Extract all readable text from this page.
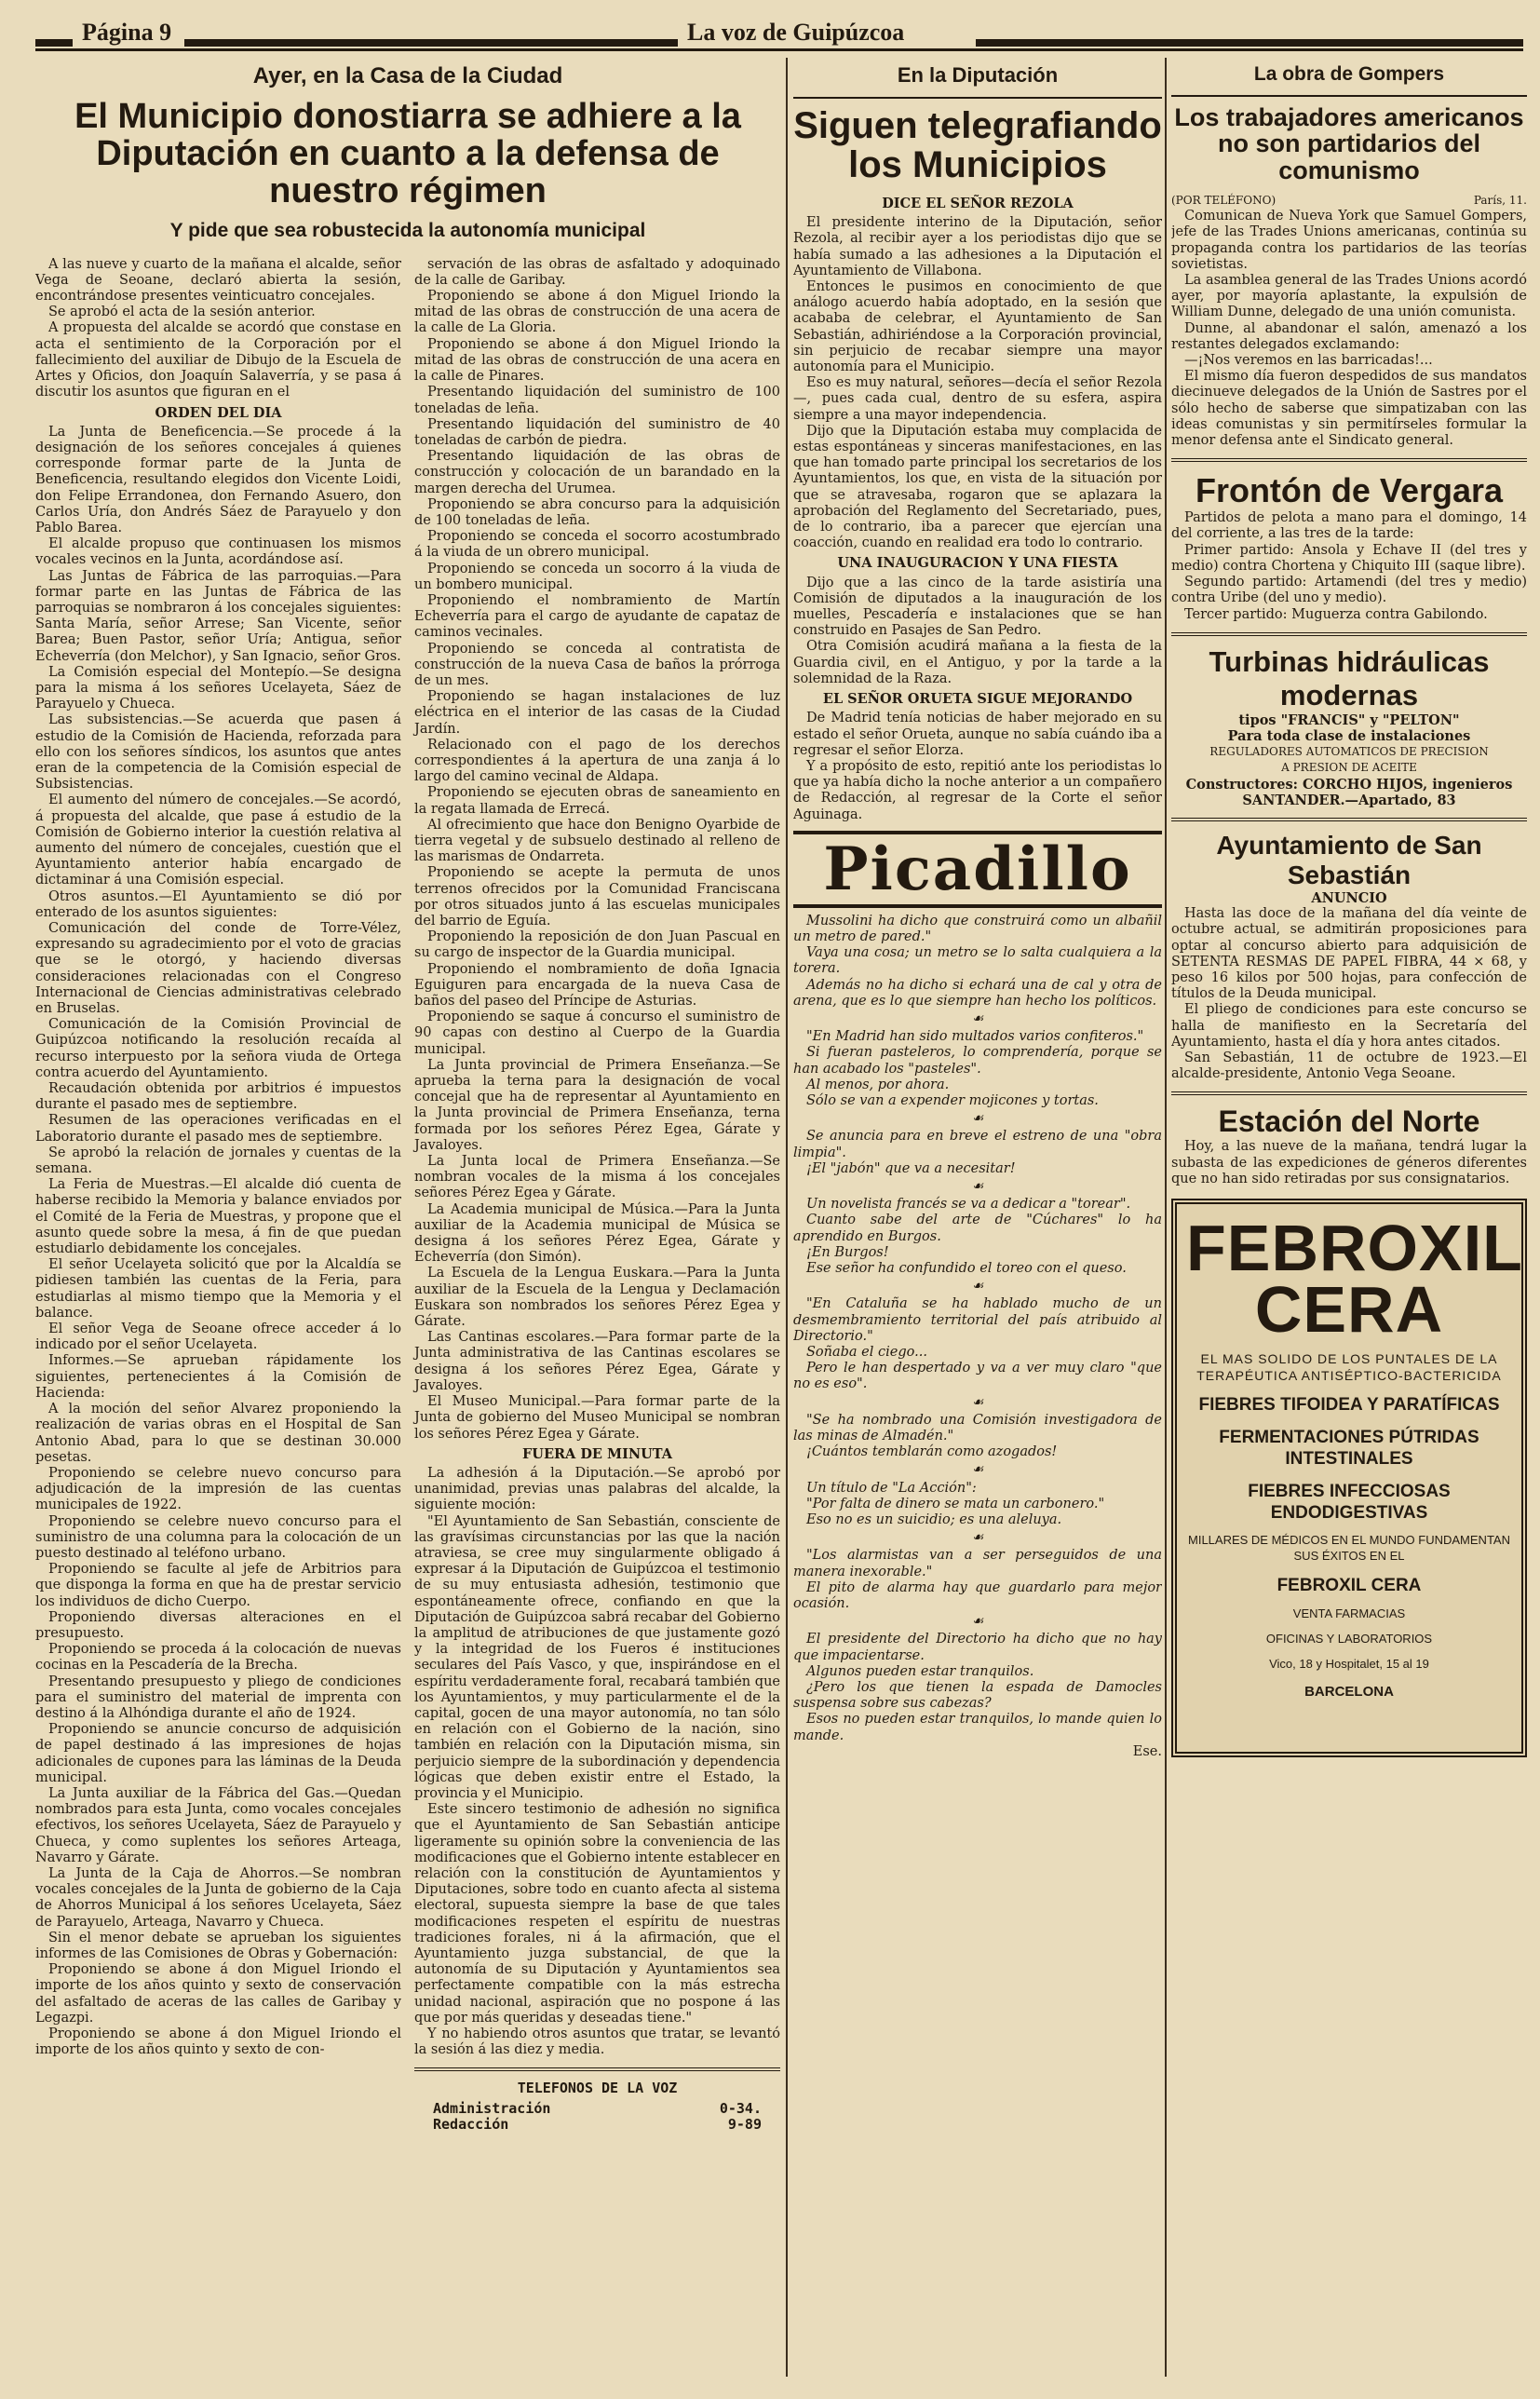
Página 9	La voz de Guipúzcoa
Ayer, en la Casa de la Ciudad
El Municipio donostiarra se adhiere a la Diputación en cuanto a la defensa de nuestro régimen
Y pide que sea robustecida la autonomía municipal

A las nueve y cuarto de la mañana el alcalde, señor Vega de Seoane, declaró abierta la sesión, encontrándose presentes veinticuatro concejales.

Se aprobó el acta de la sesión anterior.

A propuesta del alcalde se acordó que constase en acta el sentimiento de la Corporación por el fallecimiento del auxiliar de Dibujo de la Escuela de Artes y Oficios, don Joaquín Salaverría, y se pasa á discutir los asuntos que figuran en el

ORDEN DEL DIA

La Junta de Beneficencia.—Se procede á la designación de los señores concejales á quienes corresponde formar parte de la Junta de Beneficencia, resultando elegidos don Vicente Loidi, don Felipe Errandonea, don Fernando Asuero, don Carlos Uría, don Andrés Sáez de Parayuelo y don Pablo Barea.

El alcalde propuso que continuasen los mismos vocales vecinos en la Junta, acordándose así.

Las Juntas de Fábrica de las parroquias.—Para formar parte en las Juntas de Fábrica de las parroquias se nombraron á los concejales siguientes: Santa María, señor Arrese; San Vicente, señor Barea; Buen Pastor, señor Uría; Antigua, señor Echeverría (don Melchor), y San Ignacio, señor Gros.

La Comisión especial del Montepío.—Se designa para la misma á los señores Ucelayeta, Sáez de Parayuelo y Chueca.

Las subsistencias.—Se acuerda que pasen á estudio de la Comisión de Hacienda, reforzada para ello con los señores síndicos, los asuntos que antes eran de la competencia de la Comisión especial de Subsistencias.

El aumento del número de concejales.—Se acordó, á propuesta del alcalde, que pase á estudio de la Comisión de Gobierno interior la cuestión relativa al aumento del número de concejales, cuestión que el Ayuntamiento anterior había encargado de dictaminar á una Comisión especial.

Otros asuntos.—El Ayuntamiento se dió por enterado de los asuntos siguientes:

Comunicación del conde de Torre-Vélez, expresando su agradecimiento por el voto de gracias que se le otorgó, y haciendo diversas consideraciones relacionadas con el Congreso Internacional de Ciencias administrativas celebrado en Bruselas.

Comunicación de la Comisión Provincial de Guipúzcoa notificando la resolución recaída al recurso interpuesto por la señora viuda de Ortega contra acuerdo del Ayuntamiento.

Recaudación obtenida por arbitrios é impuestos durante el pasado mes de septiembre.

Resumen de las operaciones verificadas en el Laboratorio durante el pasado mes de septiembre.

Se aprobó la relación de jornales y cuentas de la semana.

La Feria de Muestras.—El alcalde dió cuenta de haberse recibido la Memoria y balance enviados por el Comité de la Feria de Muestras, y propone que el asunto quede sobre la mesa, á fin de que puedan estudiarlo debidamente los concejales.

El señor Ucelayeta solicitó que por la Alcaldía se pidiesen también las cuentas de la Feria, para estudiarlas al mismo tiempo que la Memoria y el balance.

El señor Vega de Seoane ofrece acceder á lo indicado por el señor Ucelayeta.

Informes.—Se aprueban rápidamente los siguientes, pertenecientes á la Comisión de Hacienda:

A la moción del señor Alvarez proponiendo la realización de varias obras en el Hospital de San Antonio Abad, para lo que se destinan 30.000 pesetas.

Proponiendo se celebre nuevo concurso para adjudicación de la impresión de las cuentas municipales de 1922.

Proponiendo se celebre nuevo concurso para el suministro de una columna para la colocación de un puesto destinado al teléfono urbano.

Proponiendo se faculte al jefe de Arbitrios para que disponga la forma en que ha de prestar servicio los individuos de dicho Cuerpo.

Proponiendo diversas alteraciones en el presupuesto.

Proponiendo se proceda á la colocación de nuevas cocinas en la Pescadería de la Brecha.

Presentando presupuesto y pliego de condiciones para el suministro del material de imprenta con destino á la Alhóndiga durante el año de 1924.

Proponiendo se anuncie concurso de adquisición de papel destinado á las impresiones de hojas adicionales de cupones para las láminas de la Deuda municipal.

La Junta auxiliar de la Fábrica del Gas.—Quedan nombrados para esta Junta, como vocales concejales efectivos, los señores Ucelayeta, Sáez de Parayuelo y Chueca, y como suplentes los señores Arteaga, Navarro y Gárate.

La Junta de la Caja de Ahorros.—Se nombran vocales concejales de la Junta de gobierno de la Caja de Ahorros Municipal á los señores Ucelayeta, Sáez de Parayuelo, Arteaga, Navarro y Chueca.

Sin el menor debate se aprueban los siguientes informes de las Comisiones de Obras y Gobernación:

Proponiendo se abone á don Miguel Iriondo el importe de los años quinto y sexto de conservación del asfaltado de aceras de las calles de Garibay y Legazpi.

Proponiendo se abone á don Miguel Iriondo el importe de los años quinto y sexto de con-

servación de las obras de asfaltado y adoquinado de la calle de Garibay.

Proponiendo se abone á don Miguel Iriondo la mitad de las obras de construcción de una acera de la calle de La Gloria.

Proponiendo se abone á don Miguel Iriondo la mitad de las obras de construcción de una acera en la calle de Pinares.

Presentando liquidación del suministro de 100 toneladas de leña.

Presentando liquidación del suministro de 40 toneladas de carbón de piedra.

Presentando liquidación de las obras de construcción y colocación de un barandado en la margen derecha del Urumea.

Proponiendo se abra concurso para la adquisición de 100 toneladas de leña.

Proponiendo se conceda el socorro acostumbrado á la viuda de un obrero municipal.

Proponiendo se conceda un socorro á la viuda de un bombero municipal.

Proponiendo el nombramiento de Martín Echeverría para el cargo de ayudante de capataz de caminos vecinales.

Proponiendo se conceda al contratista de construcción de la nueva Casa de baños la prórroga de un mes.

Proponiendo se hagan instalaciones de luz eléctrica en el interior de las casas de la Ciudad Jardín.

Relacionado con el pago de los derechos correspondientes á la apertura de una zanja á lo largo del camino vecinal de Aldapa.

Proponiendo se ejecuten obras de saneamiento en la regata llamada de Errecá.

Al ofrecimiento que hace don Benigno Oyarbide de tierra vegetal y de subsuelo destinado al relleno de las marismas de Ondarreta.

Proponiendo se acepte la permuta de unos terrenos ofrecidos por la Comunidad Franciscana por otros situados junto á las escuelas municipales del barrio de Eguía.

Proponiendo la reposición de don Juan Pascual en su cargo de inspector de la Guardia municipal.

Proponiendo el nombramiento de doña Ignacia Eguiguren para encargada de la nueva Casa de baños del paseo del Príncipe de Asturias.

Proponiendo se saque á concurso el suministro de 90 capas con destino al Cuerpo de la Guardia municipal.

La Junta provincial de Primera Enseñanza.—Se aprueba la terna para la designación de vocal concejal que ha de representar al Ayuntamiento en la Junta provincial de Primera Enseñanza, terna formada por los señores Pérez Egea, Gárate y Javaloyes.

La Junta local de Primera Enseñanza.—Se nombran vocales de la misma á los concejales señores Pérez Egea y Gárate.

La Academia municipal de Música.—Para la Junta auxiliar de la Academia municipal de Música se designa á los señores Pérez Egea, Gárate y Echeverría (don Simón).

La Escuela de la Lengua Euskara.—Para la Junta auxiliar de la Escuela de la Lengua y Declamación Euskara son nombrados los señores Pérez Egea y Gárate.

Las Cantinas escolares.—Para formar parte de la Junta administrativa de las Cantinas escolares se designa á los señores Pérez Egea, Gárate y Javaloyes.

El Museo Municipal.—Para formar parte de la Junta de gobierno del Museo Municipal se nombran los señores Pérez Egea y Gárate.

FUERA DE MINUTA

La adhesión á la Diputación.—Se aprobó por unanimidad, previas unas palabras del alcalde, la siguiente moción:

"El Ayuntamiento de San Sebastián, consciente de las gravísimas circunstancias por las que la nación atraviesa, se cree muy singularmente obligado á expresar á la Diputación de Guipúzcoa el testimonio de su muy entusiasta adhesión, testimonio que espontáneamente ofrece, confiando en que la Diputación de Guipúzcoa sabrá recabar del Gobierno la amplitud de atribuciones de que justamente gozó y la integridad de los Fueros é instituciones seculares del País Vasco, y que, inspirándose en el espíritu verdaderamente foral, recabará también que los Ayuntamientos, y muy particularmente el de la capital, gocen de una mayor autonomía, no tan sólo en relación con el Gobierno de la nación, sino también en relación con la Diputación misma, sin perjuicio siempre de la subordinación y dependencia lógicas que deben existir entre el Estado, la provincia y el Municipio.

Este sincero testimonio de adhesión no significa que el Ayuntamiento de San Sebastián anticipe ligeramente su opinión sobre la conveniencia de las modificaciones que el Gobierno intente establecer en relación con la constitución de Ayuntamientos y Diputaciones, sobre todo en cuanto afecta al sistema electoral, supuesta siempre la base de que tales modificaciones respeten el espíritu de nuestras tradiciones forales, ni á la afirmación, que el Ayuntamiento juzga substancial, de que la autonomía de su Diputación y Ayuntamientos sea perfectamente compatible con la más estrecha unidad nacional, aspiración que no pospone á las que por más queridas y deseadas tiene."

Y no habiendo otros asuntos que tratar, se levantó la sesión á las diez y media.

TELEFONOS DE LA VOZ
Administración	0-34.
Redacción	9-89
En la Diputación
Siguen telegrafiando los Municipios

DICE EL SEÑOR REZOLA

El presidente interino de la Diputación, señor Rezola, al recibir ayer a los periodistas dijo que se había sumado a las adhesiones a la Diputación el Ayuntamiento de Villabona.

Entonces le pusimos en conocimiento de que análogo acuerdo había adoptado, en la sesión que acababa de celebrar, el Ayuntamiento de San Sebastián, adhiriéndose a la Corporación provincial, sin perjuicio de recabar siempre una mayor autonomía para el Municipio.

Eso es muy natural, señores—decía el señor Rezola—, pues cada cual, dentro de su esfera, aspira siempre a una mayor independencia.

Dijo que la Diputación estaba muy complacida de estas espontáneas y sinceras manifestaciones, en las que han tomado parte principal los secretarios de los Ayuntamientos, los que, en vista de la situación por que se atravesaba, rogaron que se aplazara la aprobación del Reglamento del Secretariado, pues, de lo contrario, iba a parecer que ejercían una coacción, cuando en realidad era todo lo contrario.

UNA INAUGURACION Y UNA FIESTA

Dijo que a las cinco de la tarde asistiría una Comisión de diputados a la inauguración de los muelles, Pescadería e instalaciones que se han construido en Pasajes de San Pedro.

Otra Comisión acudirá mañana a la fiesta de la Guardia civil, en el Antiguo, y por la tarde a la solemnidad de la Raza.

EL SEÑOR ORUETA SIGUE MEJORANDO

De Madrid tenía noticias de haber mejorado en su estado el señor Orueta, aunque no sabía cuándo iba a regresar el señor Elorza.

Y a propósito de esto, repitió ante los periodistas lo que ya había dicho la noche anterior a un compañero de Redacción, al regresar de la Corte el señor Aguinaga.

Picadillo

Mussolini ha dicho que construirá como un albañil un metro de pared."

Vaya una cosa; un metro se lo salta cualquiera a la torera.

Además no ha dicho si echará una de cal y otra de arena, que es lo que siempre han hecho los políticos.

☙

"En Madrid han sido multados varios confiteros."

Si fueran pasteleros, lo comprendería, porque se han acabado los "pasteles".

Al menos, por ahora.

Sólo se van a expender mojicones y tortas.

☙

Se anuncia para en breve el estreno de una "obra limpia".

¡El "jabón" que va a necesitar!

☙

Un novelista francés se va a dedicar a "torear".

Cuanto sabe del arte de "Cúchares" lo ha aprendido en Burgos.

¡En Burgos!

Ese señor ha confundido el toreo con el queso.

☙

"En Cataluña se ha hablado mucho de un desmembramiento territorial del país atribuido al Directorio."

Soñaba el ciego...

Pero le han despertado y va a ver muy claro "que no es eso".

☙

"Se ha nombrado una Comisión investigadora de las minas de Almadén."

¡Cuántos temblarán como azogados!

☙

Un título de "La Acción":

"Por falta de dinero se mata un carbonero."

Eso no es un suicidio; es una aleluya.

☙

"Los alarmistas van a ser perseguidos de una manera inexorable."

El pito de alarma hay que guardarlo para mejor ocasión.

☙

El presidente del Directorio ha dicho que no hay que impacientarse.

Algunos pueden estar tranquilos.

¿Pero los que tienen la espada de Damocles suspensa sobre sus cabezas?

Esos no pueden estar tranquilos, lo mande quien lo mande.

Ese.
La obra de Gompers
Los trabajadores americanos no son partidarios del comunismo
(POR TELÉFONO)	París, 11.

Comunican de Nueva York que Samuel Gompers, jefe de las Trades Unions americanas, continúa su propaganda contra los partidarios de las teorías sovietistas.

La asamblea general de las Trades Unions acordó ayer, por mayoría aplastante, la expulsión de William Dunne, delegado de una unión comunista.

Dunne, al abandonar el salón, amenazó a los restantes delegados exclamando:

—¡Nos veremos en las barricadas!...

El mismo día fueron despedidos de sus mandatos diecinueve delegados de la Unión de Sastres por el sólo hecho de saberse que simpatizaban con las ideas comunistas y sin permitírseles formular la menor defensa ante el Sindicato general.

Frontón de Vergara

Partidos de pelota a mano para el domingo, 14 del corriente, a las tres de la tarde:

Primer partido: Ansola y Echave II (del tres y medio) contra Chortena y Chiquito III (saque libre).

Segundo partido: Artamendi (del tres y medio) contra Uribe (del uno y medio).

Tercer partido: Muguerza contra Gabilondo.

Turbinas hidráulicas modernas
tipos "FRANCIS" y "PELTON"
Para toda clase de instalaciones
REGULADORES AUTOMATICOS DE PRECISION
A PRESION DE ACEITE
Constructores: CORCHO HIJOS, ingenieros
SANTANDER.—Apartado, 83
Ayuntamiento de San Sebastián
ANUNCIO

Hasta las doce de la mañana del día veinte de octubre actual, se admitirán proposiciones para optar al concurso abierto para adquisición de SETENTA RESMAS DE PAPEL FIBRA, 44 × 68, y peso 16 kilos por 500 hojas, para confección de títulos de la Deuda municipal.

El pliego de condiciones para este concurso se halla de manifiesto en la Secretaría del Ayuntamiento, hasta el día y hora antes citados.

San Sebastián, 11 de octubre de 1923.—El alcalde-presidente, Antonio Vega Seoane.

Estación del Norte

Hoy, a las nueve de la mañana, tendrá lugar la subasta de las expediciones de géneros diferentes que no han sido retiradas por sus consignatarios.

FEBROXIL
CERA
EL MAS SOLIDO DE LOS PUNTALES DE LA TERAPÉUTICA ANTISÉPTICO-BACTERICIDA
FIEBRES TIFOIDEA Y PARATÍFICAS
FERMENTACIONES PÚTRIDAS INTESTINALES
FIEBRES INFECCIOSAS ENDODIGESTIVAS
MILLARES DE MÉDICOS EN EL MUNDO FUNDAMENTAN SUS ÉXITOS EN EL
FEBROXIL CERA
VENTA FARMACIAS
OFICINAS Y LABORATORIOS
Vico, 18 y Hospitalet, 15 al 19
BARCELONA
